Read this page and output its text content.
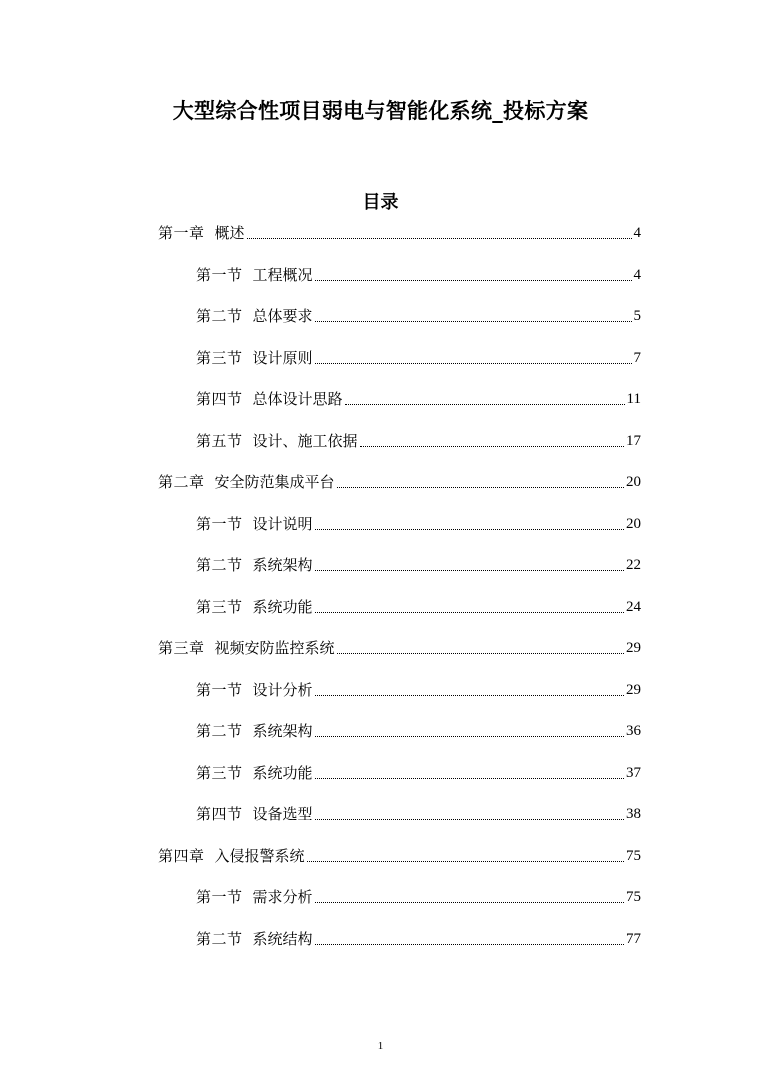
大型综合性项目弱电与智能化系统_投标方案
目录
第一章 概述	4
第一节 工程概况	4
第二节 总体要求	5
第三节 设计原则	7
第四节 总体设计思路	11
第五节 设计、施工依据	17
第二章 安全防范集成平台	20
第一节 设计说明	20
第二节 系统架构	22
第三节 系统功能	24
第三章 视频安防监控系统	29
第一节 设计分析	29
第二节 系统架构	36
第三节 系统功能	37
第四节 设备选型	38
第四章 入侵报警系统	75
第一节 需求分析	75
第二节 系统结构	77
1
